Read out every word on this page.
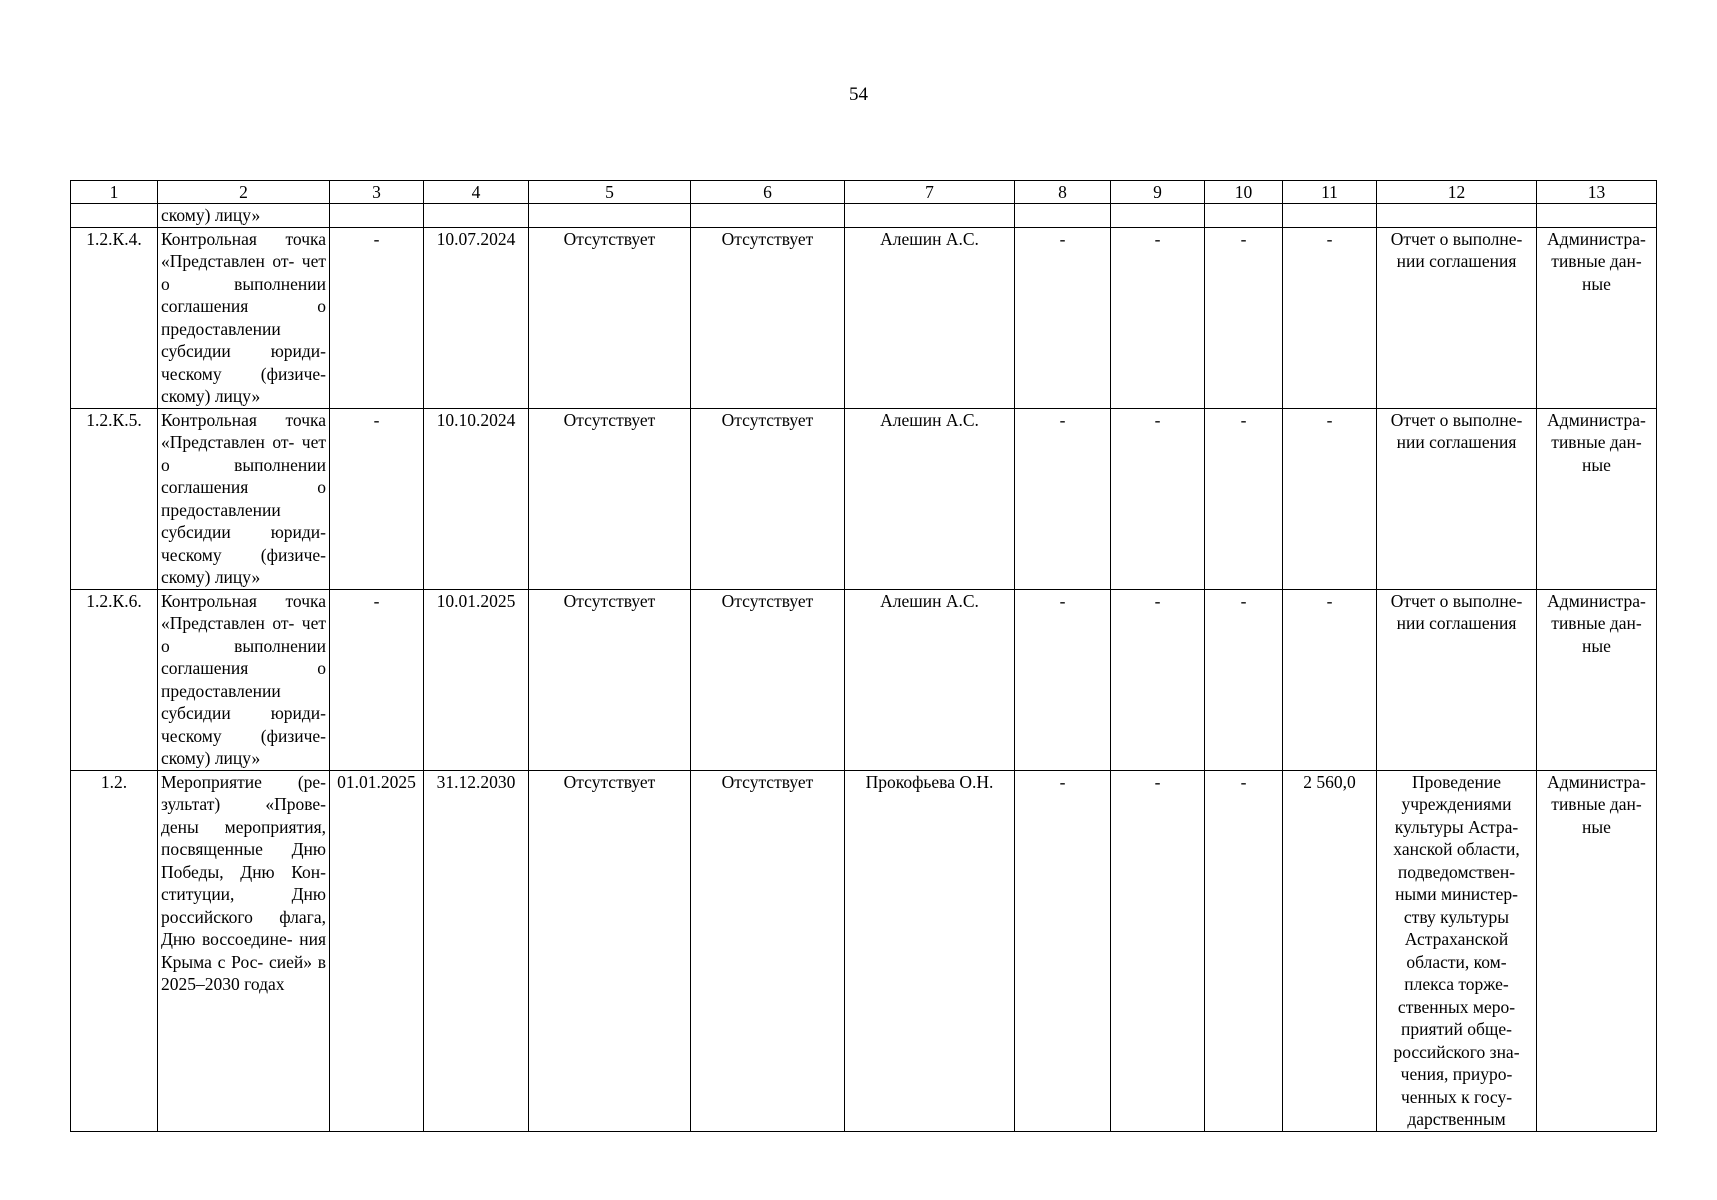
54
1	2	3	4	5	6	7	8	9	10	11	12	13
	скому) лицу»											
1.2.К.4.	Контрольная точка «Представлен от- чет о выполнении соглашения о предоставлении субсидии юриди- ческому (физиче- скому) лицу»	-	10.07.2024	Отсутствует	Отсутствует	Алешин А.С.	-	-	-	-	Отчет о выполне- нии соглашения	Администра- тивные дан- ные
1.2.К.5.	Контрольная точка «Представлен от- чет о выполнении соглашения о предоставлении субсидии юриди- ческому (физиче- скому) лицу»	-	10.10.2024	Отсутствует	Отсутствует	Алешин А.С.	-	-	-	-	Отчет о выполне- нии соглашения	Администра- тивные дан- ные
1.2.К.6.	Контрольная точка «Представлен от- чет о выполнении соглашения о предоставлении субсидии юриди- ческому (физиче- скому) лицу»	-	10.01.2025	Отсутствует	Отсутствует	Алешин А.С.	-	-	-	-	Отчет о выполне- нии соглашения	Администра- тивные дан- ные
1.2.	Мероприятие (ре- зультат) «Прове- дены мероприятия, посвященные Дню Победы, Дню Кон- ституции, Дню российского флага, Дню воссоедине- ния Крыма с Рос- сией» в 2025–2030 годах	01.01.2025	31.12.2030	Отсутствует	Отсутствует	Прокофьева О.Н.	-	-	-	2 560,0	Проведение учреждениями культуры Астра- ханской области, подведомствен- ными министер- ству культуры Астраханской области, ком- плекса торже- ственных меро- приятий обще- российского зна- чения, приуро- ченных к госу- дарственным	Администра- тивные дан- ные
